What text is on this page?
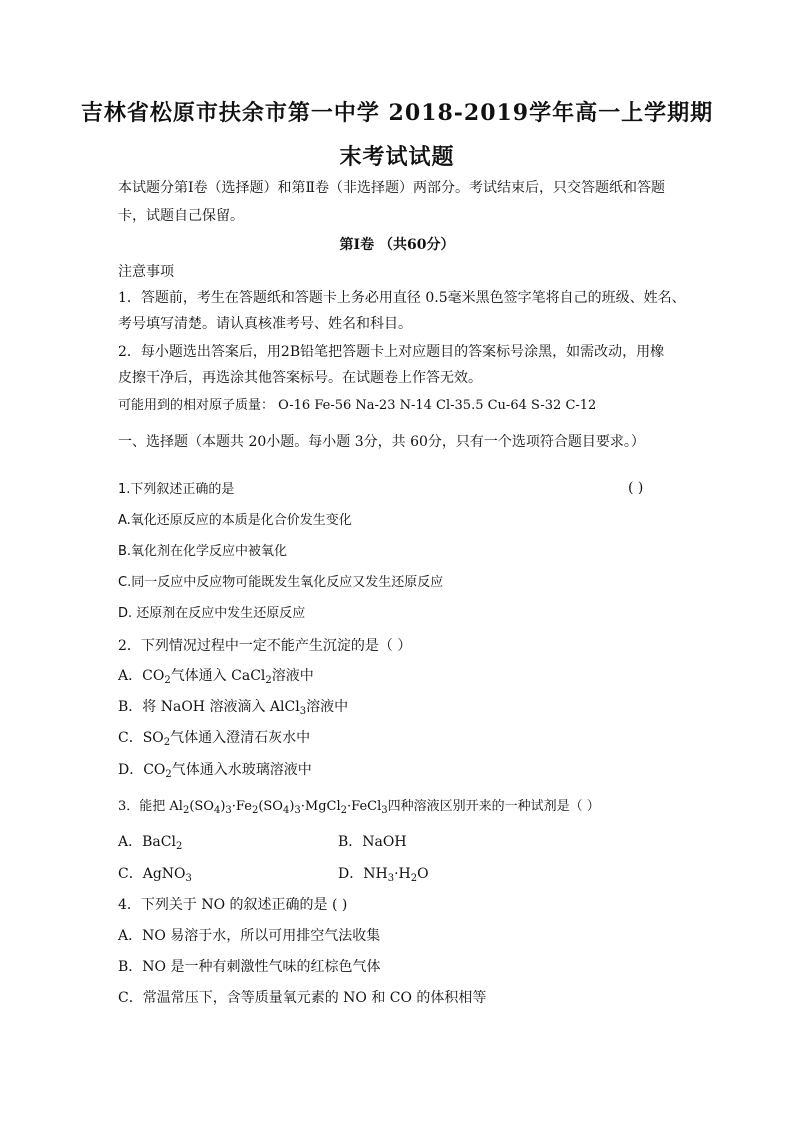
吉林省松原市扶余市第一中学 2018-2019学年高一上学期期
末考试试题
本试题分第Ⅰ卷（选择题）和第Ⅱ卷（非选择题）两部分。考试结束后，只交答题纸和答题
卡，试题自己保留。
第Ⅰ卷 （共60分）
注意事项
1．答题前，考生在答题纸和答题卡上务必用直径 0.5毫米黑色签字笔将自己的班级、姓名、
考号填写清楚。请认真核准考号、姓名和科目。
2．每小题选出答案后，用2B铅笔把答题卡上对应题目的答案标号涂黑，如需改动，用橡
皮擦干净后，再选涂其他答案标号。在试题卷上作答无效。
可能用到的相对原子质量： O-16 Fe-56 Na-23 N-14 Cl-35.5 Cu-64 S-32 C-12
一、选择题（本题共 20小题。每小题 3分，共 60分，只有一个选项符合题目要求。）
1.下列叙述正确的是	( )
A.氧化还原反应的本质是化合价发生变化
B.氧化剂在化学反应中被氧化
C.同一反应中反应物可能既发生氧化反应又发生还原反应
D. 还原剂在反应中发生还原反应
2．下列情况过程中一定不能产生沉淀的是（ ）
A．$CO_2$气体通入 CaCl$_2$溶液中
B．将 NaOH 溶液滴入 AlCl$_3$溶液中
C．$SO_2$气体通入澄清石灰水中
D．$CO_2$气体通入水玻璃溶液中
3．能把 $Al_2(SO_4)_3\cdot Fe_2(SO_4)_3\cdot MgCl_2\cdot FeCl_3$四种溶液区别开来的一种试剂是（ ）
A．BaCl$_2$	B．NaOH
C．AgNO$_3$	D．$NH_3\cdot H_2O$
4．下列关于 NO 的叙述正确的是 ( )
A．NO 易溶于水，所以可用排空气法收集
B．NO 是一种有刺激性气味的红棕色气体
C．常温常压下，含等质量氧元素的 NO 和 CO 的体积相等
